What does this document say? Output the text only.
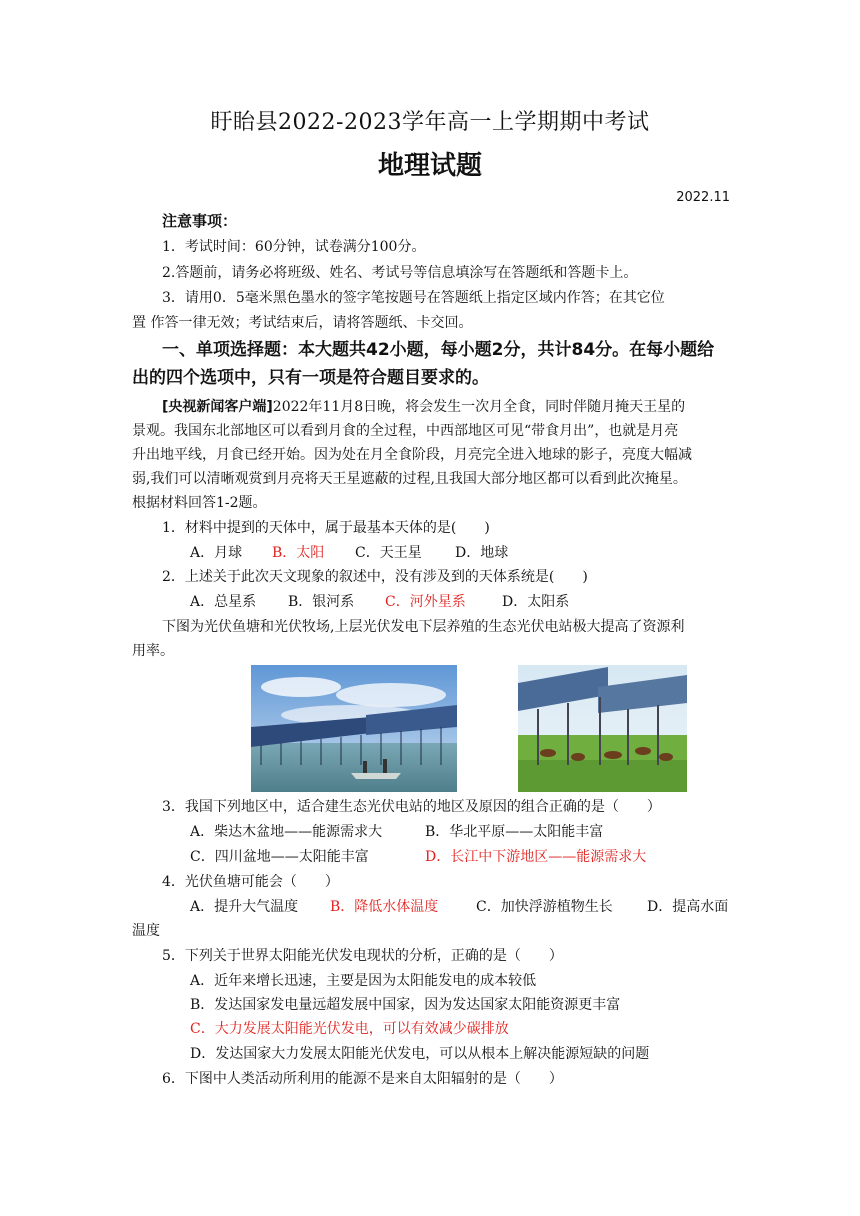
盱眙县2022-2023学年高一上学期期中考试
地理试题
2022.11
注意事项：
1．考试时间：60分钟，试卷满分100分。
2.答题前，请务必将班级、姓名、考试号等信息填涂写在答题纸和答题卡上。
3．请用0．5毫米黑色墨水的签字笔按题号在答题纸上指定区域内作答；在其它位
置 作答一律无效；考试结束后，请将答题纸、卡交回。
一、单项选择题：本大题共42小题，每小题2分，共计84分。在每小题给
出的四个选项中，只有一项是符合题目要求的。
[央视新闻客户端]2022年11月8日晚，将会发生一次月全食，同时伴随月掩天王星的
景观。我国东北部地区可以看到月食的全过程，中西部地区可见“带食月出”，也就是月亮
升出地平线，月食已经开始。因为处在月全食阶段，月亮完全进入地球的影子，亮度大幅减
弱,我们可以清晰观赏到月亮将天王星遮蔽的过程,且我国大部分地区都可以看到此次掩星。
根据材料回答1-2题。
1．材料中提到的天体中，属于最基本天体的是(　　)
A．月球 B．太阳 C．天王星 D．地球
2．上述关于此次天文现象的叙述中，没有涉及到的天体系统是(　　)
A．总星系 B．银河系 C．河外星系	D．太阳系
下图为光伏鱼塘和光伏牧场,上层光伏发电下层养殖的生态光伏电站极大提高了资源利
用率。
3．我国下列地区中，适合建生态光伏电站的地区及原因的组合正确的是（　　）
A．柴达木盆地——能源需求大	B．华北平原——太阳能丰富
C．四川盆地——太阳能丰富	D．长江中下游地区——能源需求大
4．光伏鱼塘可能会（　　）
A．提升大气温度 B．降低水体温度	C．加快浮游植物生长 D．提高水面
温度
5．下列关于世界太阳能光伏发电现状的分析，正确的是（　　）
A．近年来增长迅速，主要是因为太阳能发电的成本较低
B．发达国家发电量远超发展中国家，因为发达国家太阳能资源更丰富
C．大力发展太阳能光伏发电，可以有效减少碳排放
D．发达国家大力发展太阳能光伏发电，可以从根本上解决能源短缺的问题
6．下图中人类活动所利用的能源不是来自太阳辐射的是（　　）
